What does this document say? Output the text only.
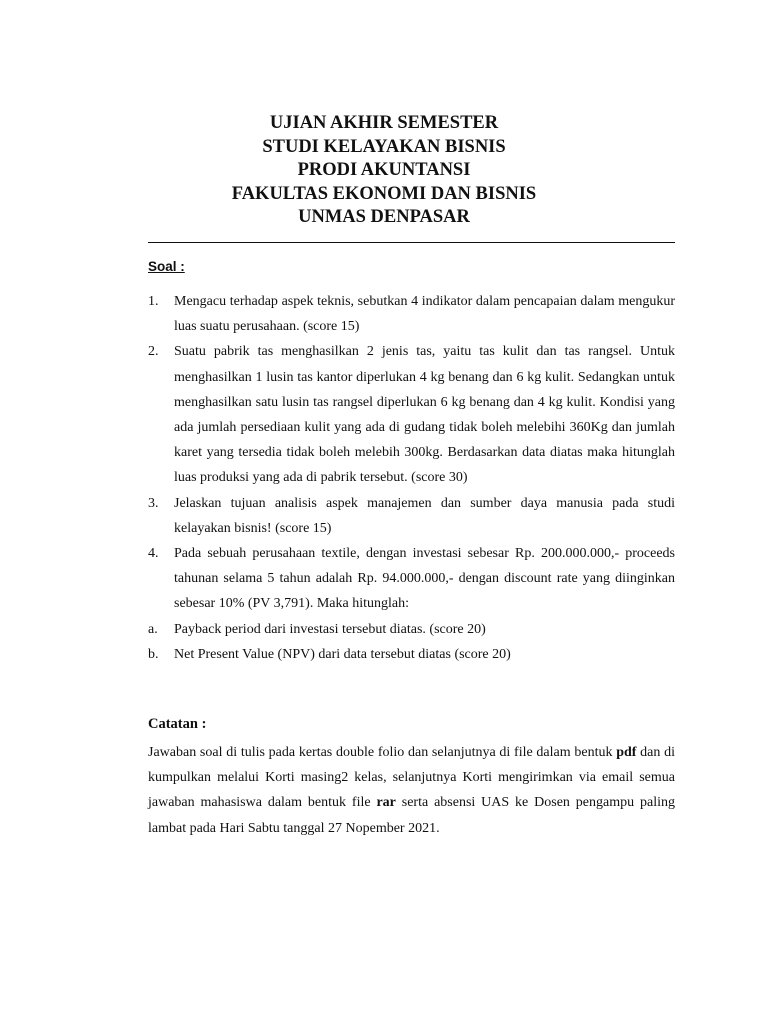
UJIAN AKHIR SEMESTER
STUDI KELAYAKAN BISNIS
PRODI AKUNTANSI
FAKULTAS EKONOMI DAN BISNIS
UNMAS DENPASAR
Soal :
1.	Mengacu terhadap aspek teknis, sebutkan 4 indikator dalam pencapaian dalam mengukur luas suatu perusahaan. (score 15)
2.	Suatu pabrik tas menghasilkan 2 jenis tas, yaitu tas kulit dan tas rangsel. Untuk menghasilkan 1 lusin tas kantor diperlukan 4 kg benang dan 6 kg kulit. Sedangkan untuk menghasilkan satu lusin tas rangsel diperlukan 6 kg benang dan 4 kg kulit. Kondisi yang ada jumlah persediaan kulit yang ada di gudang tidak boleh melebihi 360Kg dan jumlah karet yang tersedia tidak boleh melebih 300kg. Berdasarkan data diatas maka hitunglah luas produksi yang ada di pabrik tersebut. (score 30)
3.	Jelaskan tujuan analisis aspek manajemen dan sumber daya manusia pada studi kelayakan bisnis! (score 15)
4.	Pada sebuah perusahaan textile, dengan investasi sebesar Rp. 200.000.000,- proceeds tahunan selama 5 tahun adalah Rp. 94.000.000,- dengan discount rate yang diinginkan sebesar 10% (PV 3,791). Maka hitunglah:
a.	Payback period dari investasi tersebut diatas. (score 20)
b.	Net Present Value (NPV) dari data tersebut diatas (score 20)
Catatan :
Jawaban soal di tulis pada kertas double folio dan selanjutnya di file dalam bentuk pdf dan di kumpulkan melalui Korti masing2 kelas, selanjutnya Korti mengirimkan via email semua jawaban mahasiswa dalam bentuk file rar serta absensi UAS ke Dosen pengampu paling lambat pada Hari Sabtu tanggal 27 Nopember 2021.
